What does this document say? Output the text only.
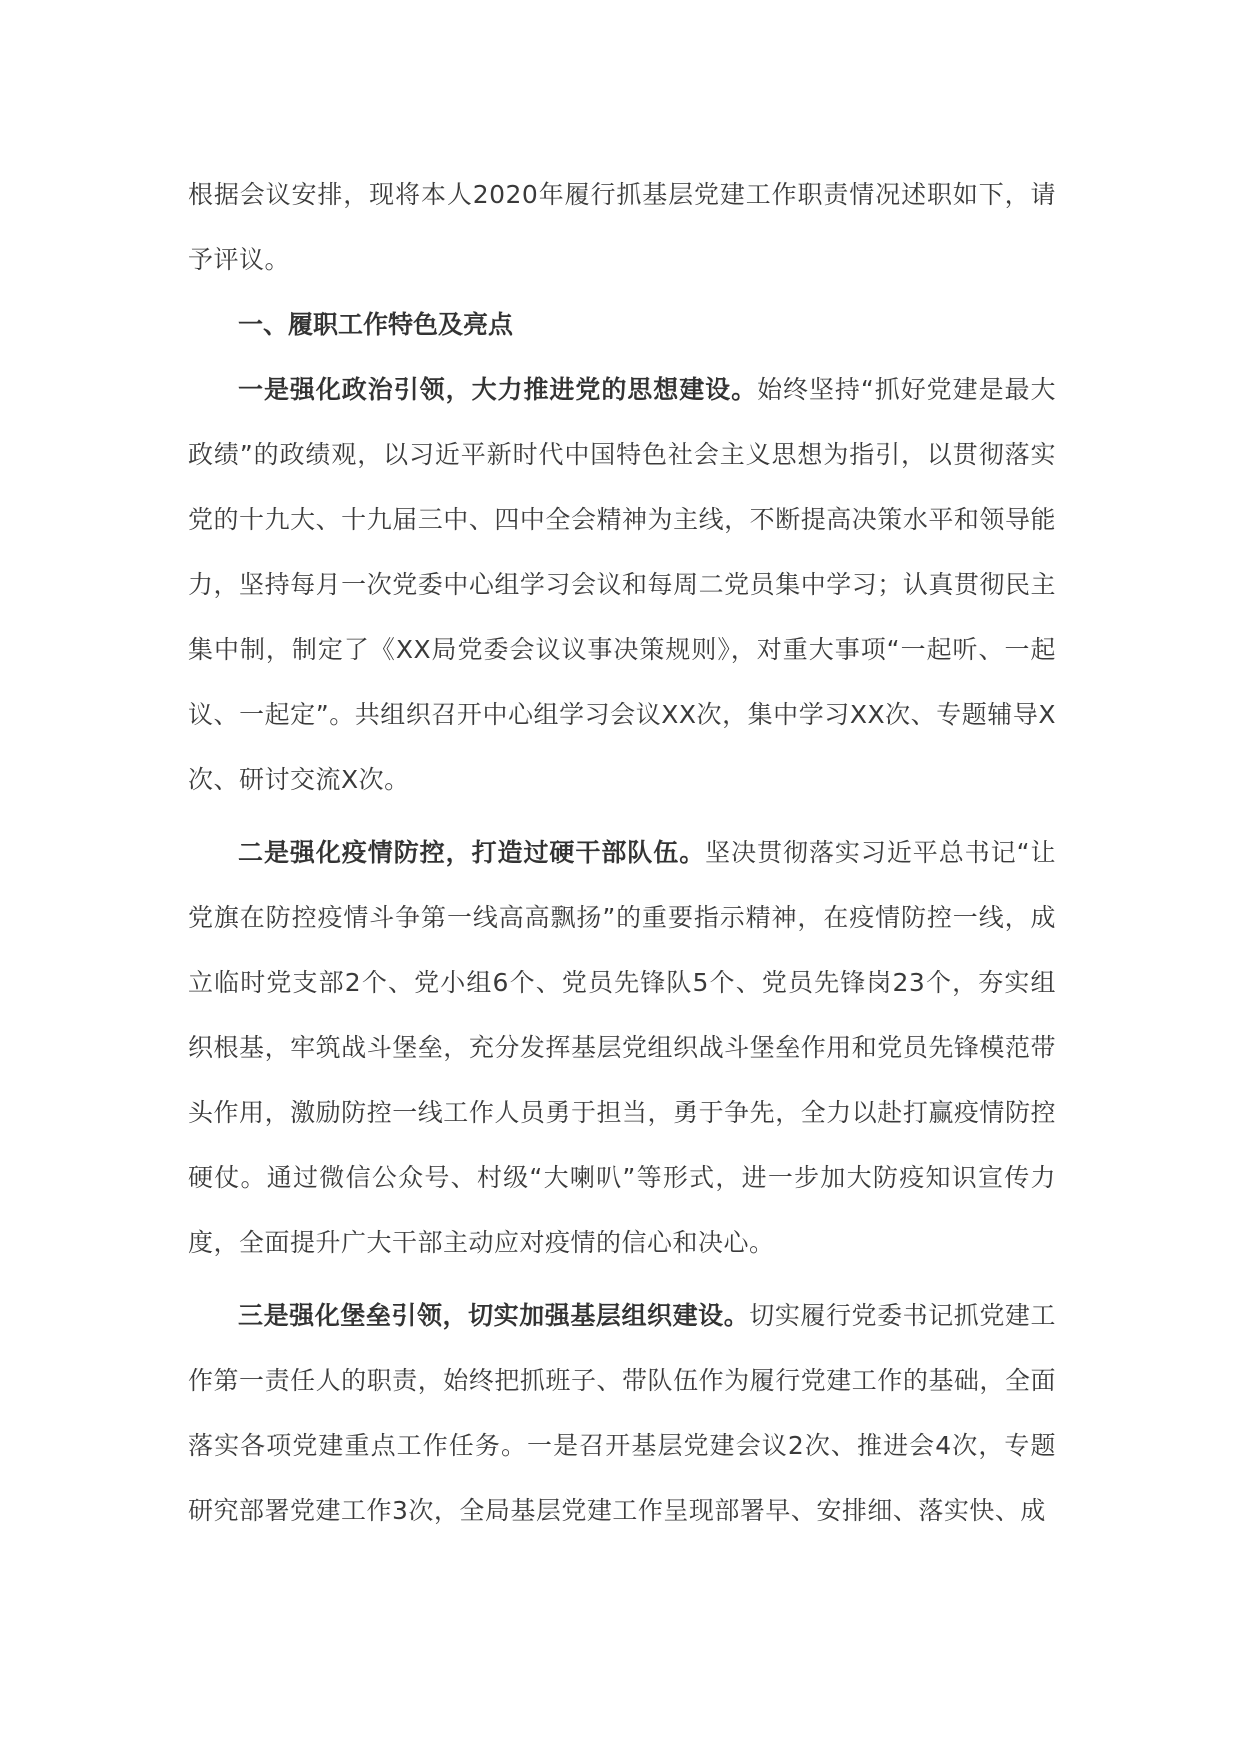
根据会议安排，现将本人2020年履行抓基层党建工作职责情况述职如下，请予评议。

一、履职工作特色及亮点

一是强化政治引领，大力推进党的思想建设。始终坚持“抓好党建是最大政绩”的政绩观，以习近平新时代中国特色社会主义思想为指引，以贯彻落实党的十九大、十九届三中、四中全会精神为主线，不断提高决策水平和领导能力，坚持每月一次党委中心组学习会议和每周二党员集中学习；认真贯彻民主集中制，制定了《XX局党委会议议事决策规则》，对重大事项“一起听、一起议、一起定”。共组织召开中心组学习会议XX次，集中学习XX次、专题辅导X次、研讨交流X次。

二是强化疫情防控，打造过硬干部队伍。坚决贯彻落实习近平总书记“让党旗在防控疫情斗争第一线高高飘扬”的重要指示精神，在疫情防控一线，成立临时党支部2个、党小组6个、党员先锋队5个、党员先锋岗23个，夯实组织根基，牢筑战斗堡垒，充分发挥基层党组织战斗堡垒作用和党员先锋模范带头作用，激励防控一线工作人员勇于担当，勇于争先，全力以赴打赢疫情防控硬仗。通过微信公众号、村级“大喇叭”等形式，进一步加大防疫知识宣传力度，全面提升广大干部主动应对疫情的信心和决心。

三是强化堡垒引领，切实加强基层组织建设。切实履行党委书记抓党建工作第一责任人的职责，始终把抓班子、带队伍作为履行党建工作的基础，全面落实各项党建重点工作任务。一是召开基层党建会议2次、推进会4次，专题研究部署党建工作3次，全局基层党建工作呈现部署早、安排细、落实快、成
